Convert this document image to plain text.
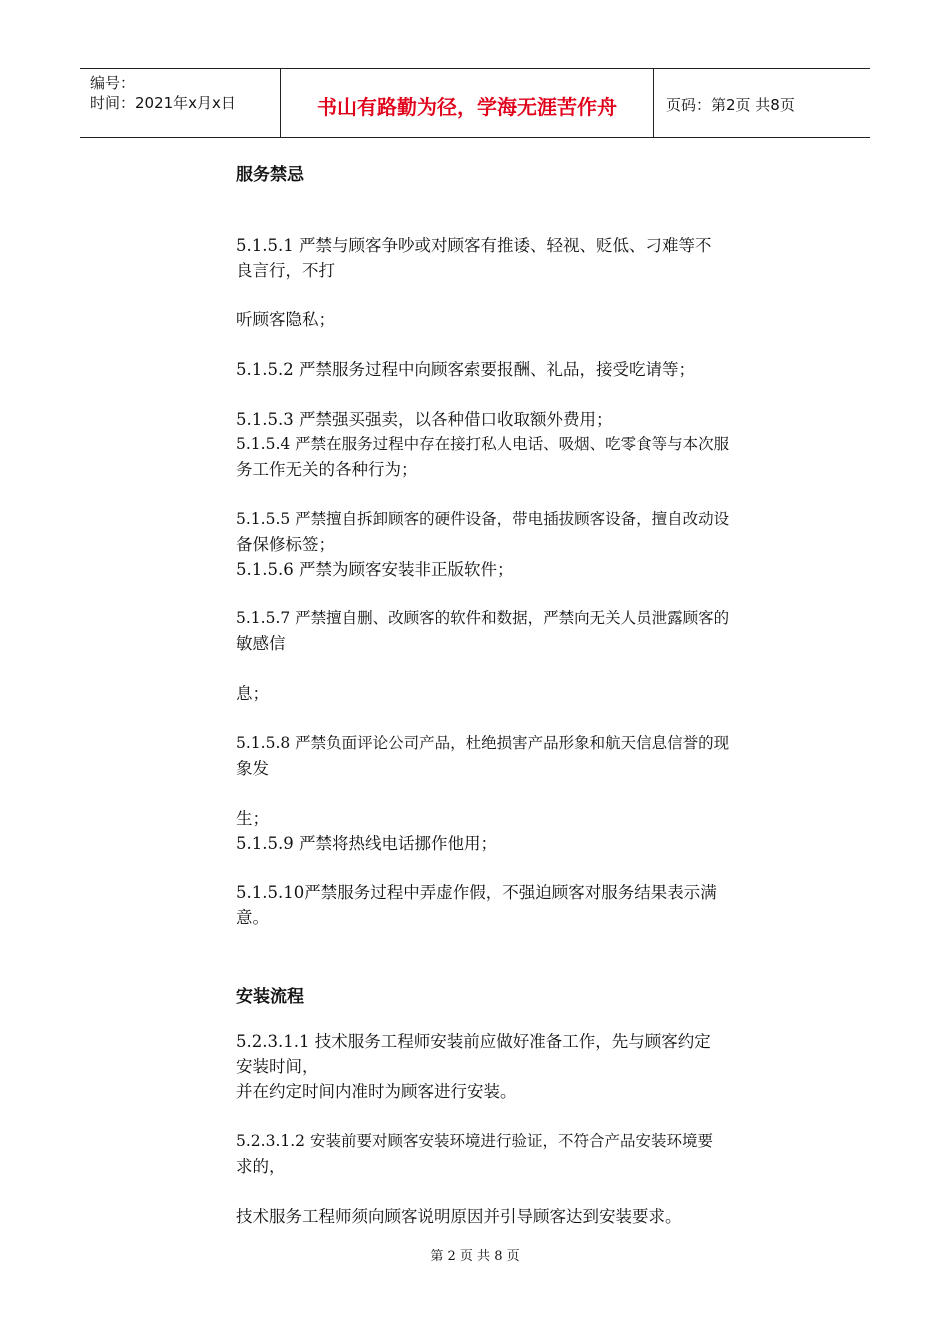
编号：
时间：2021年x月x日	书山有路勤为径，学海无涯苦作舟	页码：第2页 共8页
服务禁忌
5.1.5.1 严禁与顾客争吵或对顾客有推诿、轻视、贬低、刁难等不
良言行，不打
听顾客隐私；
5.1.5.2 严禁服务过程中向顾客索要报酬、礼品，接受吃请等；
5.1.5.3 严禁强买强卖，以各种借口收取额外费用；
5.1.5.4 严禁在服务过程中存在接打私人电话、吸烟、吃零食等与本次服
务工作无关的各种行为；
5.1.5.5 严禁擅自拆卸顾客的硬件设备，带电插拔顾客设备，擅自改动设
备保修标签；
5.1.5.6 严禁为顾客安装非正版软件；
5.1.5.7 严禁擅自删、改顾客的软件和数据，严禁向无关人员泄露顾客的
敏感信
息；
5.1.5.8 严禁负面评论公司产品，杜绝损害产品形象和航天信息信誉的现
象发
生；
5.1.5.9 严禁将热线电话挪作他用；
5.1.5.10严禁服务过程中弄虚作假，不强迫顾客对服务结果表示满
意。
安装流程
5.2.3.1.1 技术服务工程师安装前应做好准备工作，先与顾客约定
安装时间，
并在约定时间内准时为顾客进行安装。
5.2.3.1.2 安装前要对顾客安装环境进行验证，不符合产品安装环境要
求的，
技术服务工程师须向顾客说明原因并引导顾客达到安装要求。
第 2 页 共 8 页
